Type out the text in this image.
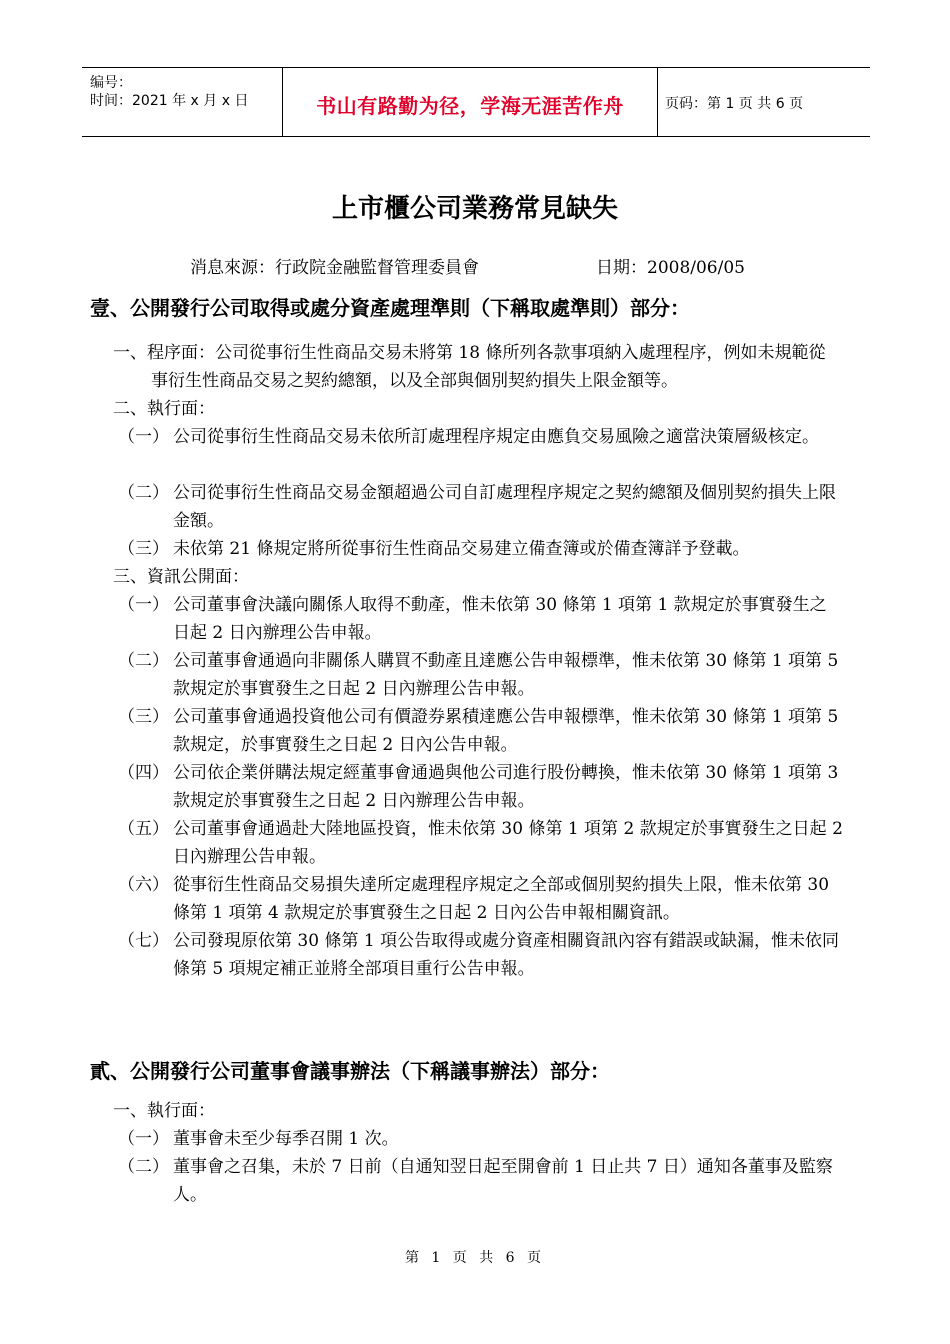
编号：
时间：2021 年 x 月 x 日	书山有路勤为径，学海无涯苦作舟	页码：第 1 页 共 6 页
上市櫃公司業務常見缺失
消息來源：行政院金融監督管理委員會	日期：2008/06/05
壹、公開發行公司取得或處分資產處理準則（下稱取處準則）部分：
一、程序面：公司從事衍生性商品交易未將第 18 條所列各款事項納入處理程序，例如未規範從事衍生性商品交易之契約總額，以及全部與個別契約損失上限金額等。
二、執行面：
（一） 公司從事衍生性商品交易未依所訂處理程序規定由應負交易風險之適當決策層級核定。
（二） 公司從事衍生性商品交易金額超過公司自訂處理程序規定之契約總額及個別契約損失上限金額。
（三） 未依第 21 條規定將所從事衍生性商品交易建立備查簿或於備查簿詳予登載。
三、資訊公開面：
（一） 公司董事會決議向關係人取得不動產，惟未依第 30 條第 1 項第 1 款規定於事實發生之日起 2 日內辦理公告申報。
（二） 公司董事會通過向非關係人購買不動產且達應公告申報標準，惟未依第 30 條第 1 項第 5 款規定於事實發生之日起 2 日內辦理公告申報。
（三） 公司董事會通過投資他公司有價證券累積達應公告申報標準，惟未依第 30 條第 1 項第 5 款規定，於事實發生之日起 2 日內公告申報。
（四） 公司依企業併購法規定經董事會通過與他公司進行股份轉換，惟未依第 30 條第 1 項第 3 款規定於事實發生之日起 2 日內辦理公告申報。
（五） 公司董事會通過赴大陸地區投資，惟未依第 30 條第 1 項第 2 款規定於事實發生之日起 2 日內辦理公告申報。
（六） 從事衍生性商品交易損失達所定處理程序規定之全部或個別契約損失上限，惟未依第 30 條第 1 項第 4 款規定於事實發生之日起 2 日內公告申報相關資訊。
（七） 公司發現原依第 30 條第 1 項公告取得或處分資產相關資訊內容有錯誤或缺漏，惟未依同條第 5 項規定補正並將全部項目重行公告申報。
貳、公開發行公司董事會議事辦法（下稱議事辦法）部分：
一、執行面：
（一） 董事會未至少每季召開 1 次。
（二） 董事會之召集，未於 7 日前（自通知翌日起至開會前 1 日止共 7 日）通知各董事及監察人。
第 1 页 共 6 页
